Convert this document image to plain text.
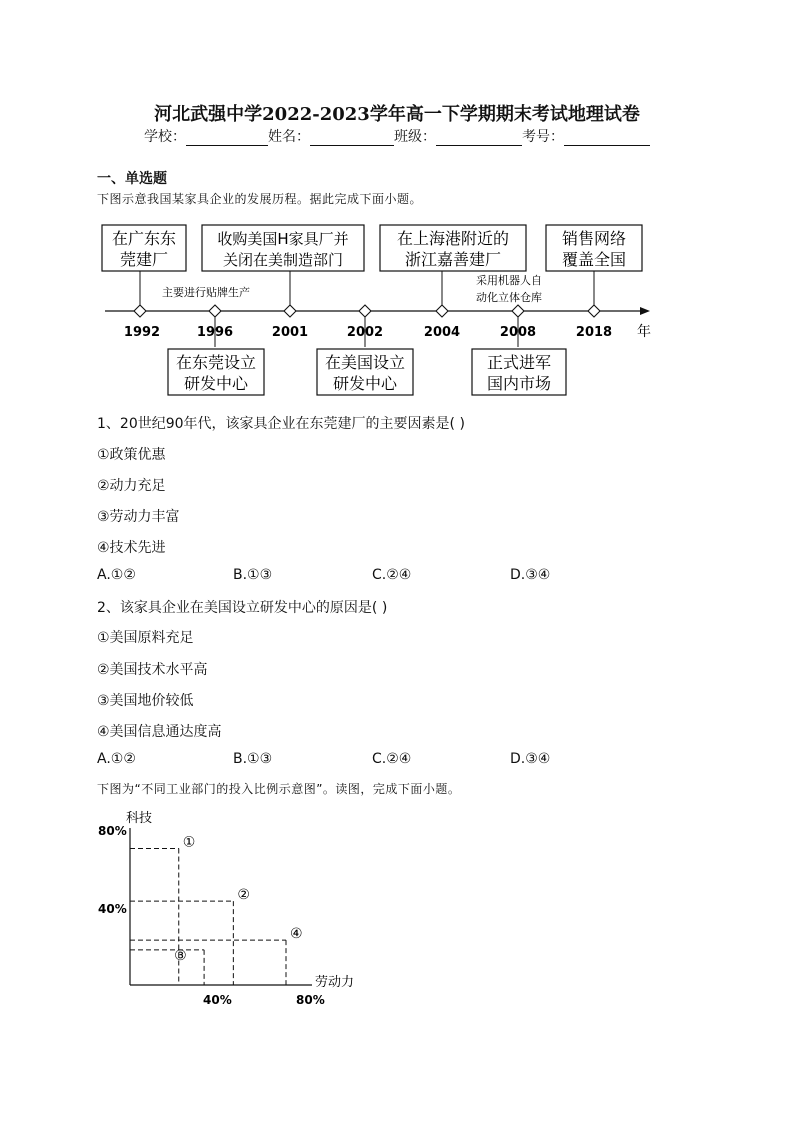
河北武强中学2022-2023学年高一下学期期末考试地理试卷
学校：	姓名：	班级：	考号：
一、单选题
下图示意我国某家具企业的发展历程。据此完成下面小题。
在广东东
莞建厂
收购美国H家具厂并
关闭在美制造部门
在上海港附近的
浙江嘉善建厂
销售网络
覆盖全国
主要进行贴牌生产
采用机器人自
动化立体仓库
1992	1996	2001	2002	2004	2008	2018 年
在东莞设立
研发中心
在美国设立
研发中心
正式进军
国内市场
1、20世纪90年代，该家具企业在东莞建厂的主要因素是( )
①政策优惠
②动力充足
③劳动力丰富
④技术先进
A.①②	B.①③	C.②④	D.③④
2、该家具企业在美国设立研发中心的原因是( )
①美国原料充足
②美国技术水平高
③美国地价较低
④美国信息通达度高
A.①②	B.①③	C.②④	D.③④
下图为“不同工业部门的投入比例示意图”。读图，完成下面小题。
科技
劳动力
80%
40%
40%	80%
①
②
③
④
